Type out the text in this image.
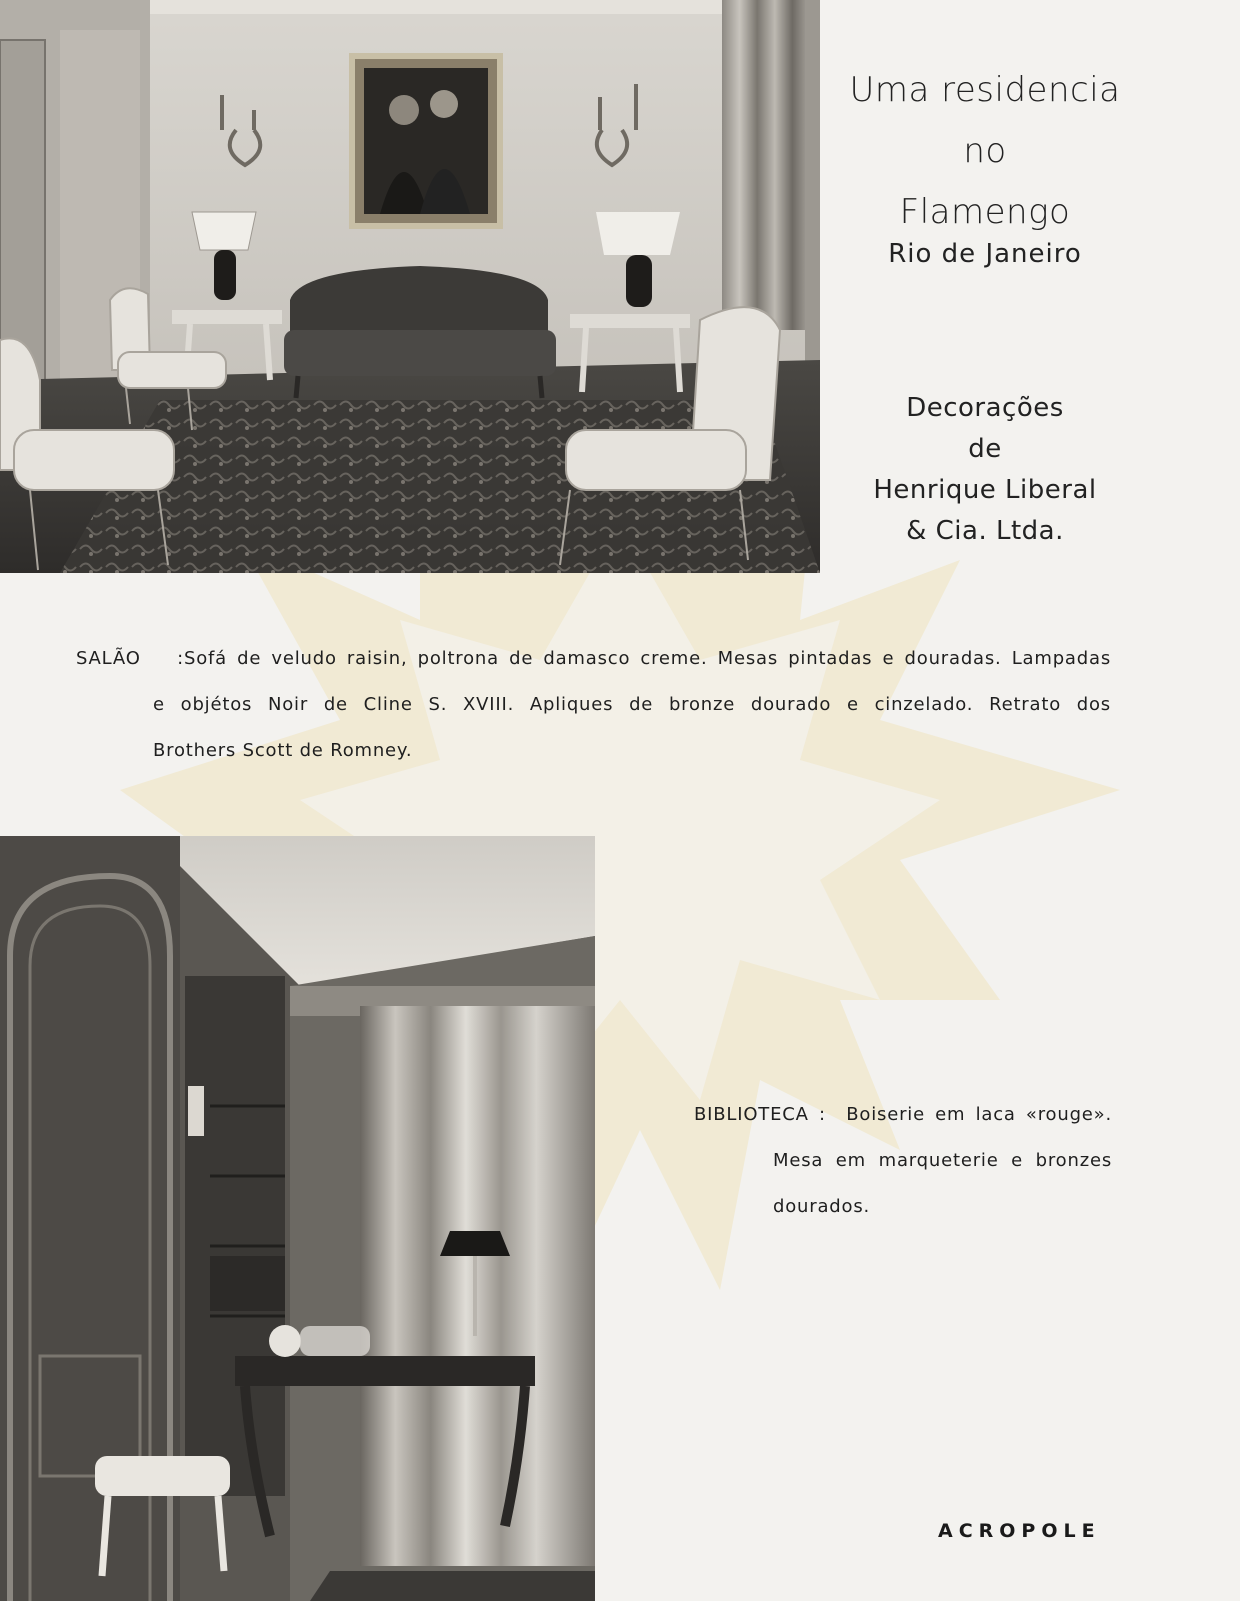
Uma residencia
no
Flamengo
Rio de Janeiro
Decorações
de
Henrique Liberal
& Cia. Ltda.
SALÃO :Sofá de veludo raisin, poltrona de damasco creme. Mesas pintadas e douradas. Lampadas
e objétos Noir de Cline S. XVIII. Apliques de bronze dourado e cinzelado. Retrato dos
Brothers Scott de Romney.
BIBLIOTECA : Boiserie em laca «rouge».
Mesa em marqueterie e bronzes
dourados.
ACROPOLE
